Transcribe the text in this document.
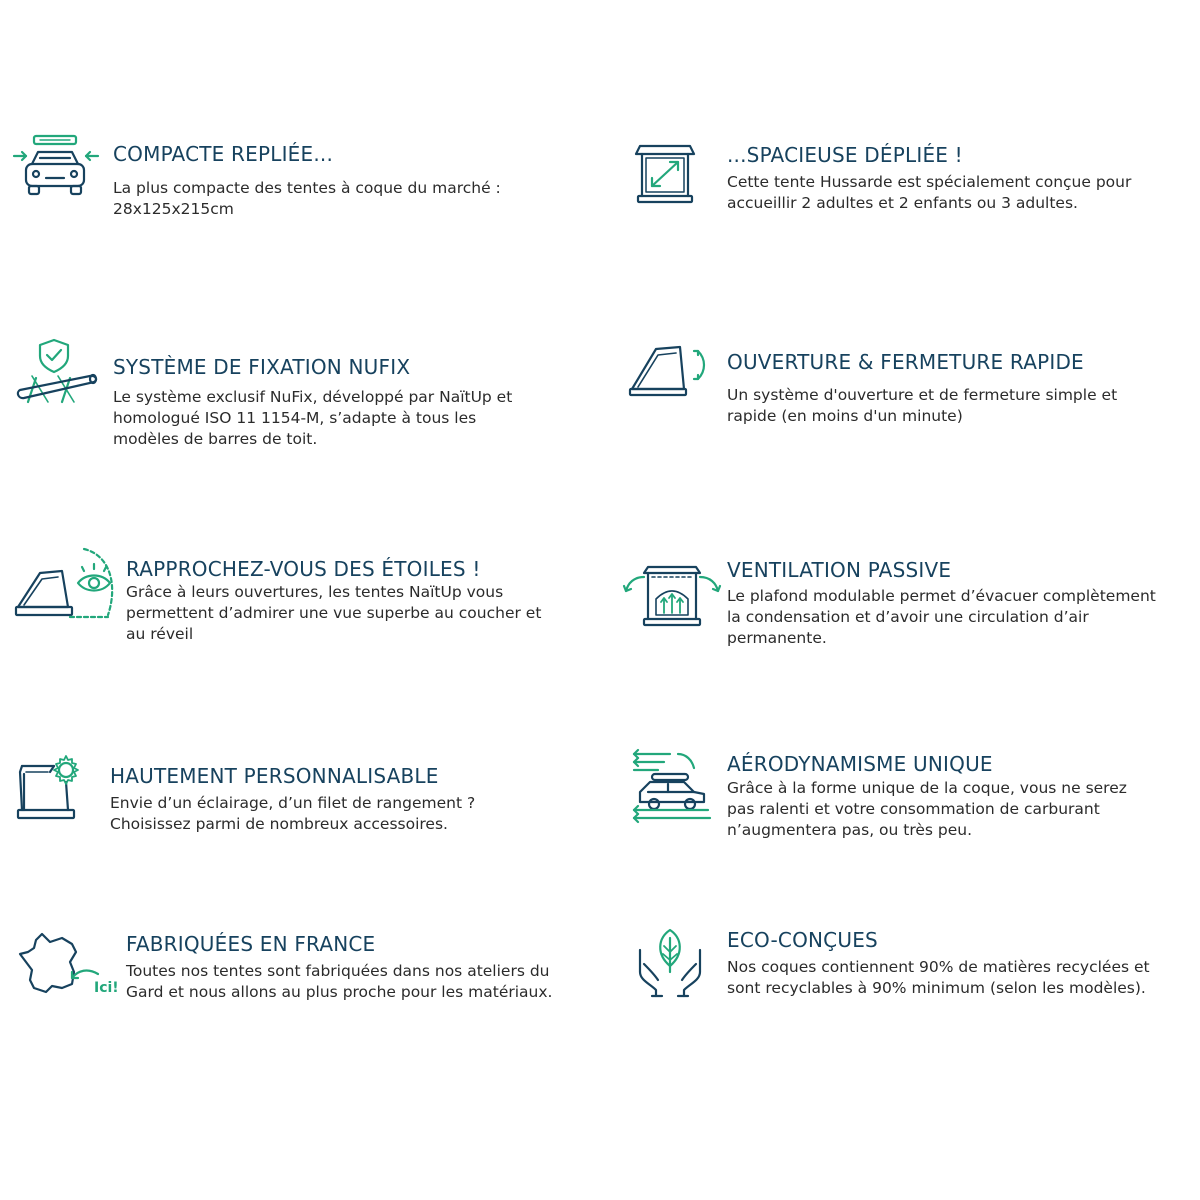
COMPACTE REPLIÉE...

La plus compacte des tentes à coque du marché :

28x125x215cm

...SPACIEUSE DÉPLIÉE !

Cette tente Hussarde est spécialement conçue pour

accueillir 2 adultes et 2 enfants ou 3 adultes.

SYSTÈME DE FIXATION NUFIX

Le système exclusif NuFix, développé par NaïtUp et

homologué ISO 11 1154-M, s’adapte à tous les

modèles de barres de toit.

OUVERTURE & FERMETURE RAPIDE

Un système d'ouverture et de fermeture simple et

rapide (en moins d'un minute)

RAPPROCHEZ-VOUS DES ÉTOILES !

Grâce à leurs ouvertures, les tentes NaïtUp vous

permettent d’admirer une vue superbe au coucher et

au réveil

VENTILATION PASSIVE

Le plafond modulable permet d’évacuer complètement

la condensation et d’avoir une circulation d’air

permanente.

HAUTEMENT PERSONNALISABLE

Envie d’un éclairage, d’un filet de rangement ?

Choisissez parmi de nombreux accessoires.

AÉRODYNAMISME UNIQUE

Grâce à la forme unique de la coque, vous ne serez

pas ralenti et votre consommation de carburant

n’augmentera pas, ou très peu.

Ici!

FABRIQUÉES EN FRANCE

Toutes nos tentes sont fabriquées dans nos ateliers du

Gard et nous allons au plus proche pour les matériaux.

ECO-CONÇUES

Nos coques contiennent 90% de matières recyclées et

sont recyclables à 90% minimum (selon les modèles).
